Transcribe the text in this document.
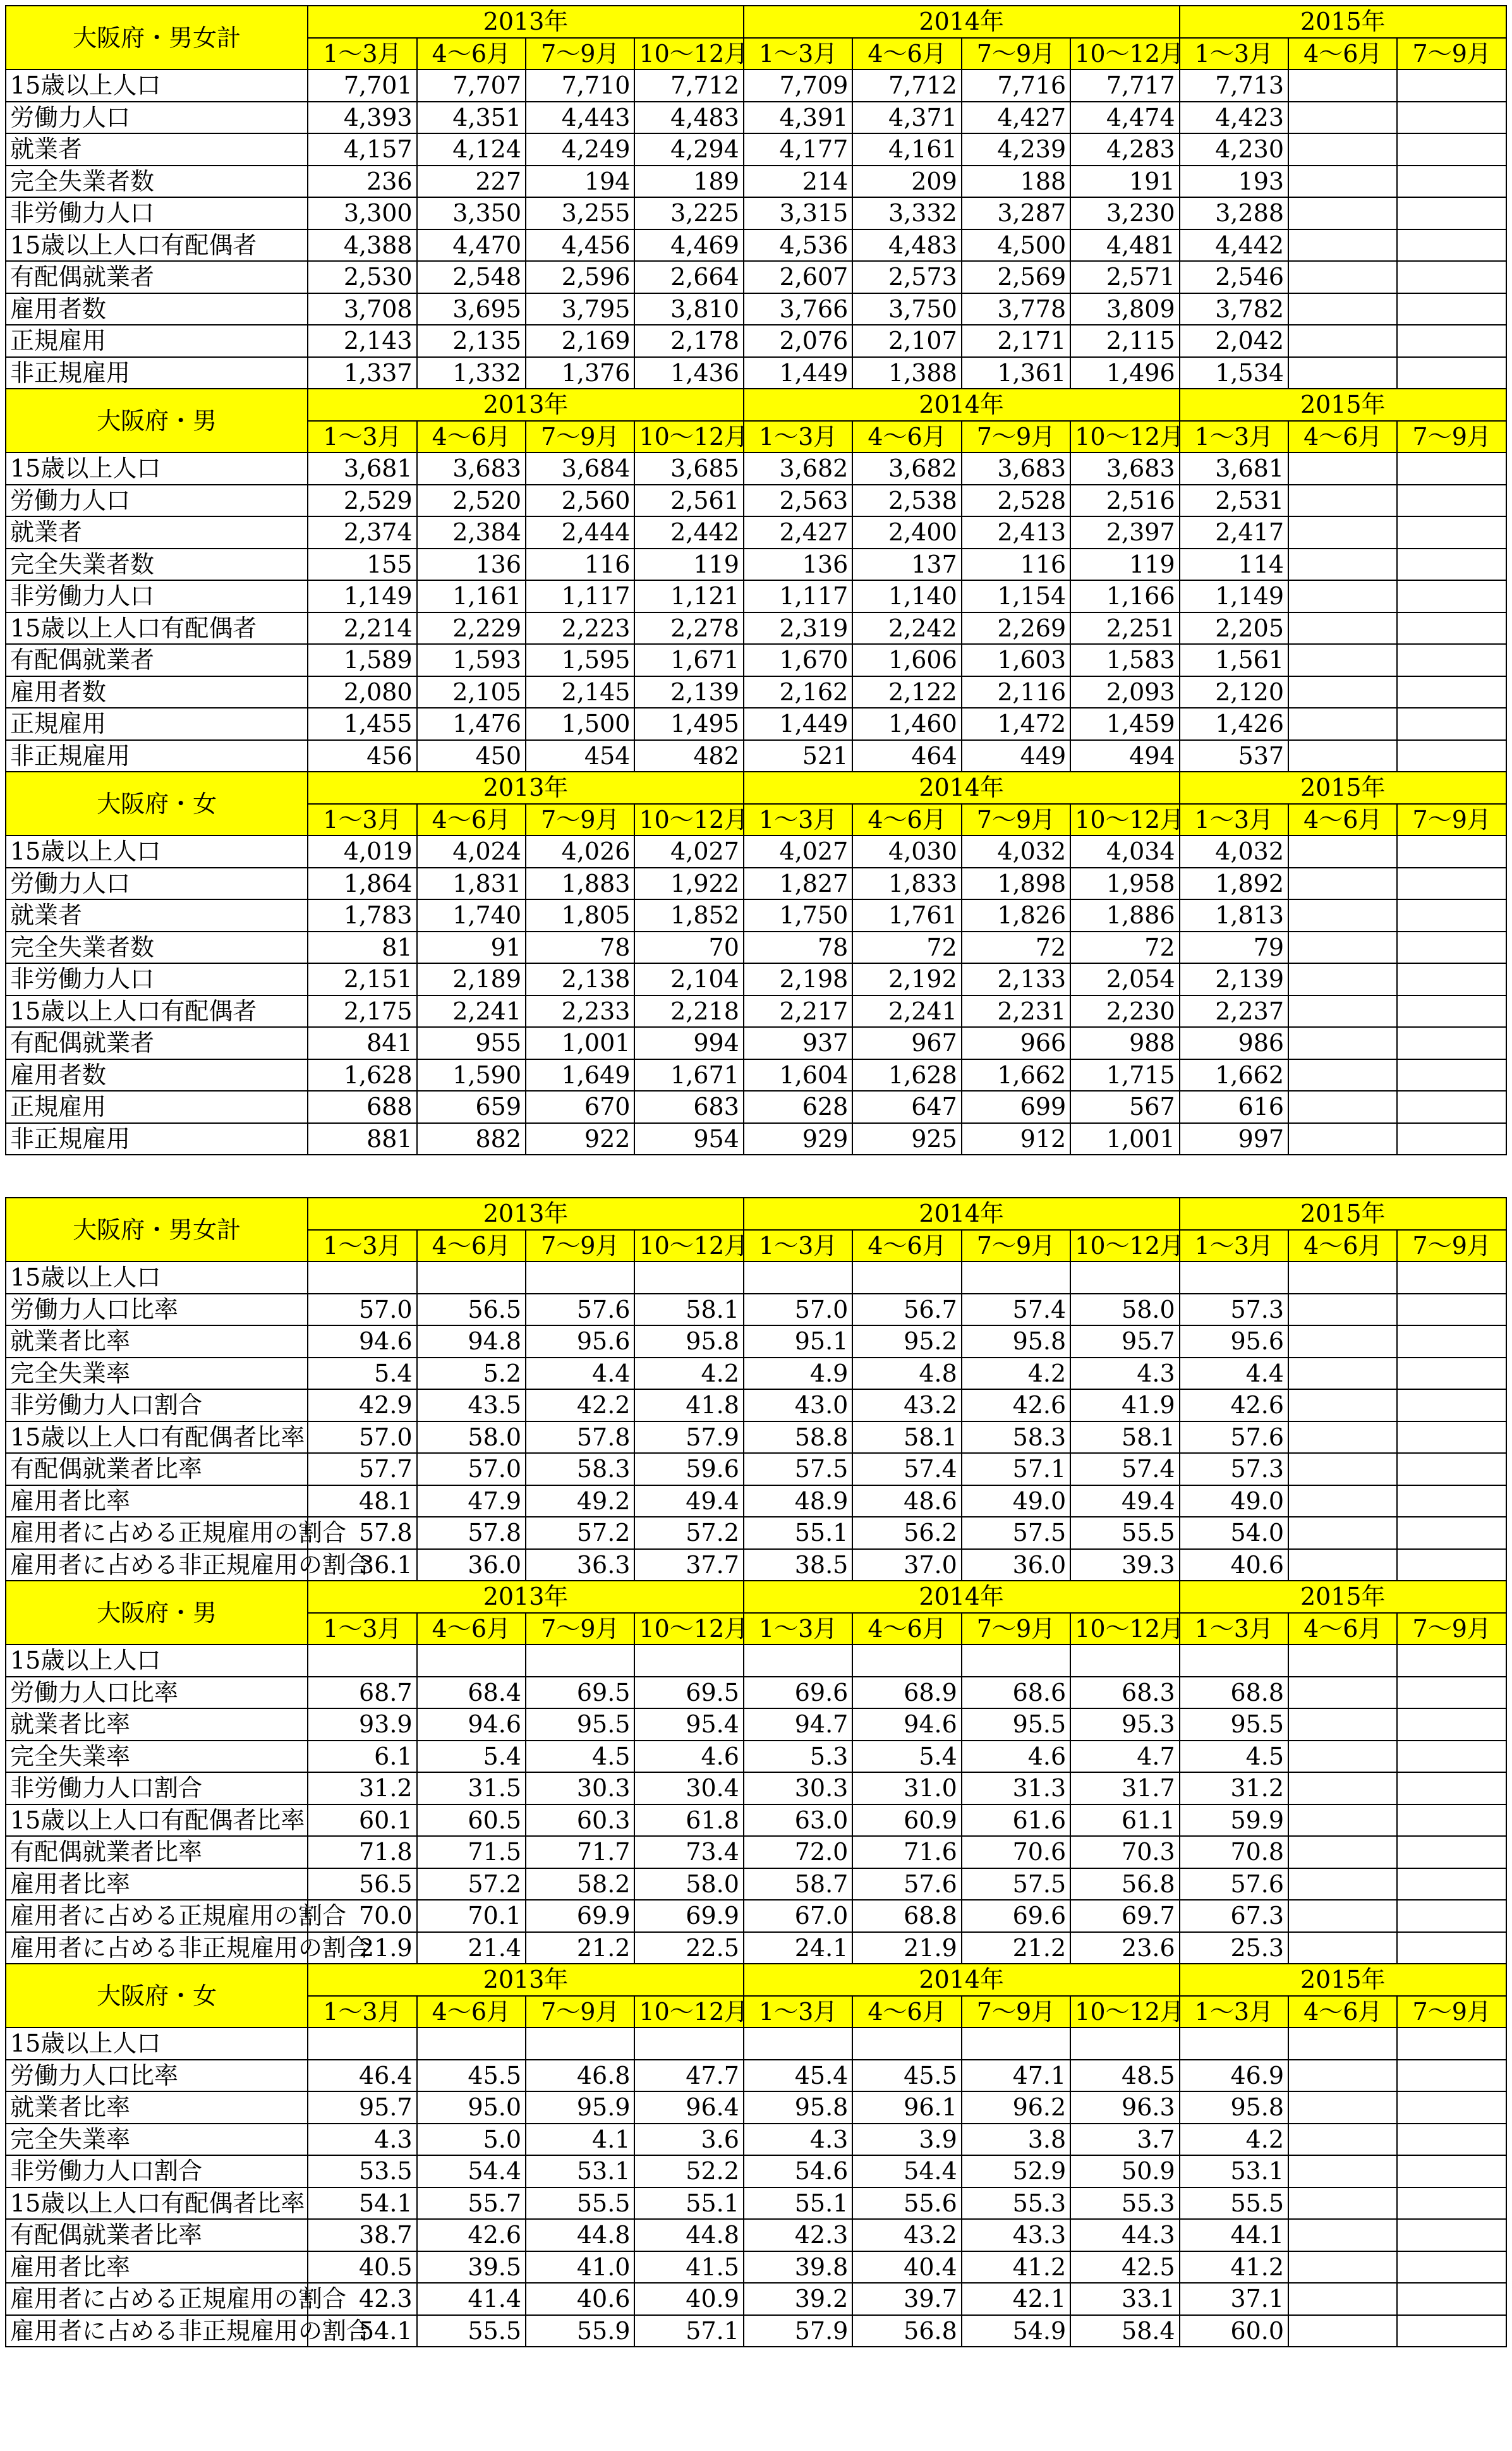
大阪府・男女計	2013年				2014年				2015年		
	1～3月	4～6月	7～9月	10～12月	1～3月	4～6月	7～9月	10～12月	1～3月	4～6月	7～9月
15歳以上人口	7,701	7,707	7,710	7,712	7,709	7,712	7,716	7,717	7,713		
労働力人口	4,393	4,351	4,443	4,483	4,391	4,371	4,427	4,474	4,423		
就業者	4,157	4,124	4,249	4,294	4,177	4,161	4,239	4,283	4,230		
完全失業者数	236	227	194	189	214	209	188	191	193		
非労働力人口	3,300	3,350	3,255	3,225	3,315	3,332	3,287	3,230	3,288		
15歳以上人口有配偶者	4,388	4,470	4,456	4,469	4,536	4,483	4,500	4,481	4,442		
有配偶就業者	2,530	2,548	2,596	2,664	2,607	2,573	2,569	2,571	2,546		
雇用者数	3,708	3,695	3,795	3,810	3,766	3,750	3,778	3,809	3,782		
正規雇用	2,143	2,135	2,169	2,178	2,076	2,107	2,171	2,115	2,042		
非正規雇用	1,337	1,332	1,376	1,436	1,449	1,388	1,361	1,496	1,534		
大阪府・男	2013年				2014年				2015年		
	1～3月	4～6月	7～9月	10～12月	1～3月	4～6月	7～9月	10～12月	1～3月	4～6月	7～9月
15歳以上人口	3,681	3,683	3,684	3,685	3,682	3,682	3,683	3,683	3,681		
労働力人口	2,529	2,520	2,560	2,561	2,563	2,538	2,528	2,516	2,531		
就業者	2,374	2,384	2,444	2,442	2,427	2,400	2,413	2,397	2,417		
完全失業者数	155	136	116	119	136	137	116	119	114		
非労働力人口	1,149	1,161	1,117	1,121	1,117	1,140	1,154	1,166	1,149		
15歳以上人口有配偶者	2,214	2,229	2,223	2,278	2,319	2,242	2,269	2,251	2,205		
有配偶就業者	1,589	1,593	1,595	1,671	1,670	1,606	1,603	1,583	1,561		
雇用者数	2,080	2,105	2,145	2,139	2,162	2,122	2,116	2,093	2,120		
正規雇用	1,455	1,476	1,500	1,495	1,449	1,460	1,472	1,459	1,426		
非正規雇用	456	450	454	482	521	464	449	494	537		
大阪府・女	2013年				2014年				2015年		
	1～3月	4～6月	7～9月	10～12月	1～3月	4～6月	7～9月	10～12月	1～3月	4～6月	7～9月
15歳以上人口	4,019	4,024	4,026	4,027	4,027	4,030	4,032	4,034	4,032		
労働力人口	1,864	1,831	1,883	1,922	1,827	1,833	1,898	1,958	1,892		
就業者	1,783	1,740	1,805	1,852	1,750	1,761	1,826	1,886	1,813		
完全失業者数	81	91	78	70	78	72	72	72	79		
非労働力人口	2,151	2,189	2,138	2,104	2,198	2,192	2,133	2,054	2,139		
15歳以上人口有配偶者	2,175	2,241	2,233	2,218	2,217	2,241	2,231	2,230	2,237		
有配偶就業者	841	955	1,001	994	937	967	966	988	986		
雇用者数	1,628	1,590	1,649	1,671	1,604	1,628	1,662	1,715	1,662		
正規雇用	688	659	670	683	628	647	699	567	616		
非正規雇用	881	882	922	954	929	925	912	1,001	997		
大阪府・男女計	2013年				2014年				2015年		
	1～3月	4～6月	7～9月	10～12月	1～3月	4～6月	7～9月	10～12月	1～3月	4～6月	7～9月
15歳以上人口											
労働力人口比率	57.0	56.5	57.6	58.1	57.0	56.7	57.4	58.0	57.3		
就業者比率	94.6	94.8	95.6	95.8	95.1	95.2	95.8	95.7	95.6		
完全失業率	5.4	5.2	4.4	4.2	4.9	4.8	4.2	4.3	4.4		
非労働力人口割合	42.9	43.5	42.2	41.8	43.0	43.2	42.6	41.9	42.6		
15歳以上人口有配偶者比率	57.0	58.0	57.8	57.9	58.8	58.1	58.3	58.1	57.6		
有配偶就業者比率	57.7	57.0	58.3	59.6	57.5	57.4	57.1	57.4	57.3		
雇用者比率	48.1	47.9	49.2	49.4	48.9	48.6	49.0	49.4	49.0		
雇用者に占める正規雇用の割合	57.8	57.8	57.2	57.2	55.1	56.2	57.5	55.5	54.0		
雇用者に占める非正規雇用の割合	36.1	36.0	36.3	37.7	38.5	37.0	36.0	39.3	40.6		
大阪府・男	2013年				2014年				2015年		
	1～3月	4～6月	7～9月	10～12月	1～3月	4～6月	7～9月	10～12月	1～3月	4～6月	7～9月
15歳以上人口											
労働力人口比率	68.7	68.4	69.5	69.5	69.6	68.9	68.6	68.3	68.8		
就業者比率	93.9	94.6	95.5	95.4	94.7	94.6	95.5	95.3	95.5		
完全失業率	6.1	5.4	4.5	4.6	5.3	5.4	4.6	4.7	4.5		
非労働力人口割合	31.2	31.5	30.3	30.4	30.3	31.0	31.3	31.7	31.2		
15歳以上人口有配偶者比率	60.1	60.5	60.3	61.8	63.0	60.9	61.6	61.1	59.9		
有配偶就業者比率	71.8	71.5	71.7	73.4	72.0	71.6	70.6	70.3	70.8		
雇用者比率	56.5	57.2	58.2	58.0	58.7	57.6	57.5	56.8	57.6		
雇用者に占める正規雇用の割合	70.0	70.1	69.9	69.9	67.0	68.8	69.6	69.7	67.3		
雇用者に占める非正規雇用の割合	21.9	21.4	21.2	22.5	24.1	21.9	21.2	23.6	25.3		
大阪府・女	2013年				2014年				2015年		
	1～3月	4～6月	7～9月	10～12月	1～3月	4～6月	7～9月	10～12月	1～3月	4～6月	7～9月
15歳以上人口											
労働力人口比率	46.4	45.5	46.8	47.7	45.4	45.5	47.1	48.5	46.9		
就業者比率	95.7	95.0	95.9	96.4	95.8	96.1	96.2	96.3	95.8		
完全失業率	4.3	5.0	4.1	3.6	4.3	3.9	3.8	3.7	4.2		
非労働力人口割合	53.5	54.4	53.1	52.2	54.6	54.4	52.9	50.9	53.1		
15歳以上人口有配偶者比率	54.1	55.7	55.5	55.1	55.1	55.6	55.3	55.3	55.5		
有配偶就業者比率	38.7	42.6	44.8	44.8	42.3	43.2	43.3	44.3	44.1		
雇用者比率	40.5	39.5	41.0	41.5	39.8	40.4	41.2	42.5	41.2		
雇用者に占める正規雇用の割合	42.3	41.4	40.6	40.9	39.2	39.7	42.1	33.1	37.1		
雇用者に占める非正規雇用の割合	54.1	55.5	55.9	57.1	57.9	56.8	54.9	58.4	60.0		
